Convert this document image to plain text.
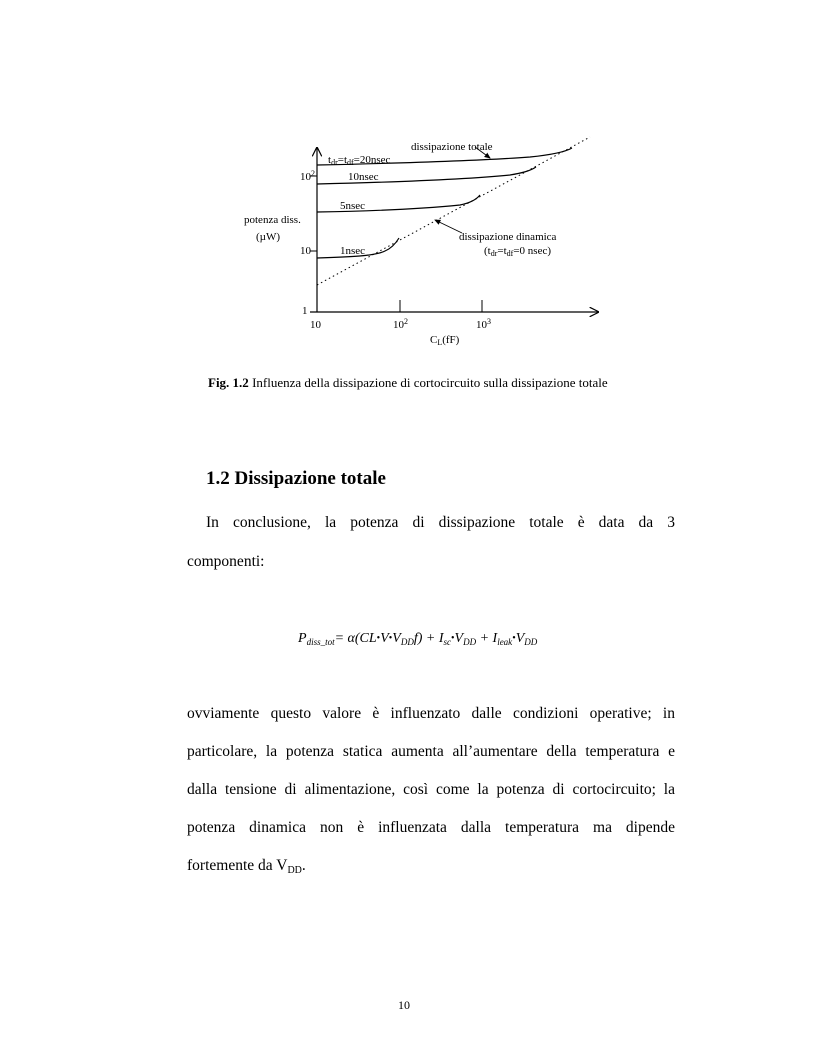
potenza diss.
(µW)
$10^2$
10
1
10	$10^2$	$10^3$
$C_L(fF)$
dissipazione totale
$t_{dr}=t_{df}=20nsec$
10nsec
5nsec
1nsec
dissipazione dinamica
($t_{dr}=t_{df}=0$ nsec)
Fig. 1.2 Influenza della dissipazione di cortocircuito sulla dissipazione totale
1.2 Dissipazione totale
In conclusione, la potenza di dissipazione totale è data da 3
componenti:
$P_{diss\_tot}=$ $\alpha(CL•V•V_{DD}f)$ + $I_{sc}•V_{DD}$ + $I_{leak}•V_{DD}$
ovviamente questo valore è influenzato dalle condizioni operative; in
particolare, la potenza statica aumenta all’aumentare della temperatura e
dalla tensione di alimentazione, così come la potenza di cortocircuito; la
potenza dinamica non è influenzata dalla temperatura ma dipende
fortemente da VDD.
10
